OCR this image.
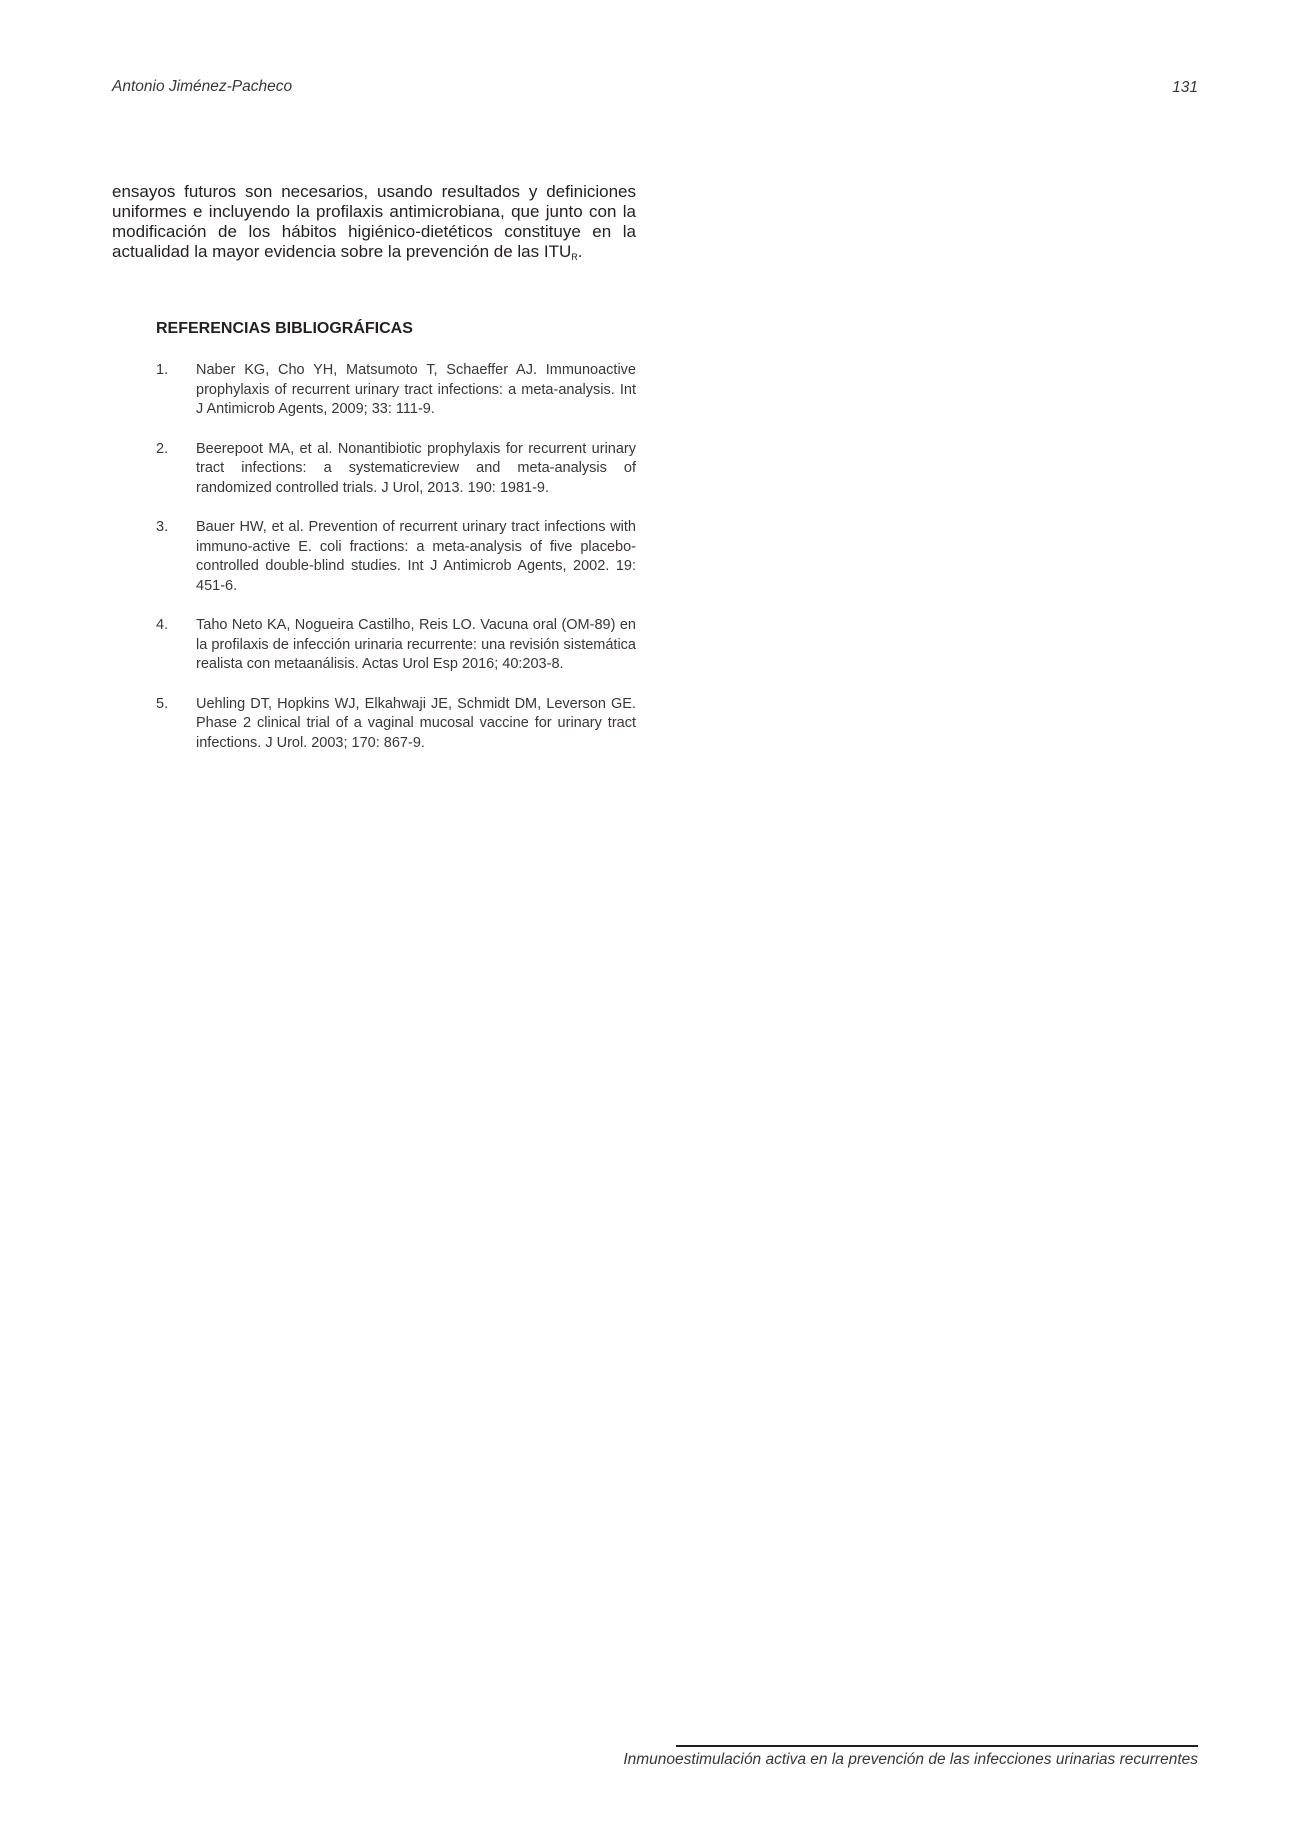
Antonio Jiménez-Pacheco	131

ensayos futuros son necesarios, usando resultados y definiciones uniformes e incluyendo la profilaxis antimicrobiana, que junto con la modificación de los hábitos higiénico-dietéticos constituye en la actualidad la mayor evidencia sobre la prevención de las $ITU_R$.

REFERENCIAS BIBLIOGRÁFICAS
1. Naber KG, Cho YH, Matsumoto T, Schaeffer AJ. Immunoactive prophylaxis of recurrent urinary tract infections: a meta-analysis. Int J Antimicrob Agents, 2009; 33: 111-9.
2. Beerepoot MA, et al. Nonantibiotic prophylaxis for recurrent urinary tract infections: a systematicreview and meta-analysis of randomized controlled trials. J Urol, 2013. 190: 1981-9.
3. Bauer HW, et al. Prevention of recurrent urinary tract infections with immuno-active E. coli fractions: a meta-analysis of five placebo-controlled double-blind studies. Int J Antimicrob Agents, 2002. 19: 451-6.
4. Taho Neto KA, Nogueira Castilho, Reis LO. Vacuna oral (OM-89) en la profilaxis de infección urinaria recurrente: una revisión sistemática realista con metaanálisis. Actas Urol Esp 2016; 40:203-8.
5. Uehling DT, Hopkins WJ, Elkahwaji JE, Schmidt DM, Leverson GE. Phase 2 clinical trial of a vaginal mucosal vaccine for urinary tract infections. J Urol. 2003; 170: 867-9.
Inmunoestimulación activa en la prevención de las infecciones urinarias recurrentes
